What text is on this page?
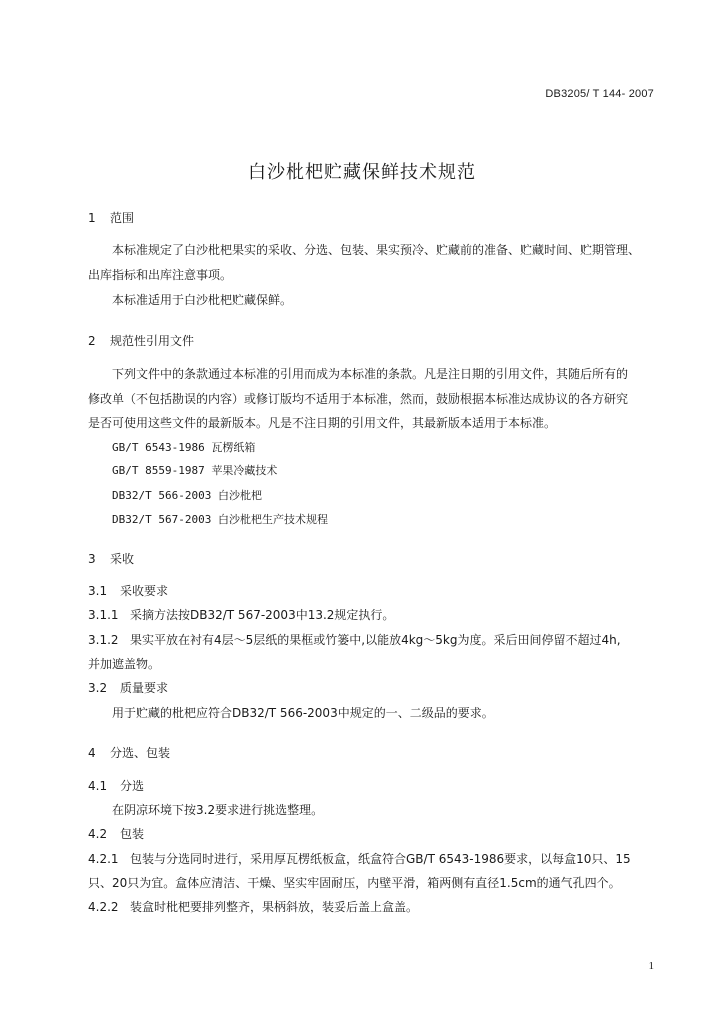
DB3205/ T 144- 2007
白沙枇杷贮藏保鲜技术规范
1 范围
本标准规定了白沙枇杷果实的采收、分选、包装、果实预冷、贮藏前的准备、贮藏时间、贮期管理、
出库指标和出库注意事项。
本标准适用于白沙枇杷贮藏保鲜。
2 规范性引用文件
下列文件中的条款通过本标准的引用而成为本标准的条款。凡是注日期的引用文件，其随后所有的
修改单（不包括勘误的内容）或修订版均不适用于本标准，然而，鼓励根据本标准达成协议的各方研究
是否可使用这些文件的最新版本。凡是不注日期的引用文件，其最新版本适用于本标准。
GB/T 6543-1986 瓦楞纸箱
GB/T 8559-1987 苹果冷藏技术
DB32/T 566-2003 白沙枇杷
DB32/T 567-2003 白沙枇杷生产技术规程
3 采收
3.1 采收要求
3.1.1 采摘方法按DB32/T 567-2003中13.2规定执行。
3.1.2 果实平放在衬有4层～5层纸的果框或竹篓中,以能放4kg～5kg为度。采后田间停留不超过4h,
并加遮盖物。
3.2 质量要求
用于贮藏的枇杷应符合DB32/T 566-2003中规定的一、二级品的要求。
4 分选、包装
4.1 分选
在阴凉环境下按3.2要求进行挑选整理。
4.2 包装
4.2.1 包装与分选同时进行，采用厚瓦楞纸板盒，纸盒符合GB/T 6543-1986要求，以每盒10只、15
只、20只为宜。盒体应清洁、干燥、坚实牢固耐压，内壁平滑，箱两侧有直径1.5cm的通气孔四个。
4.2.2 装盒时枇杷要排列整齐，果柄斜放，装妥后盖上盒盖。
1
